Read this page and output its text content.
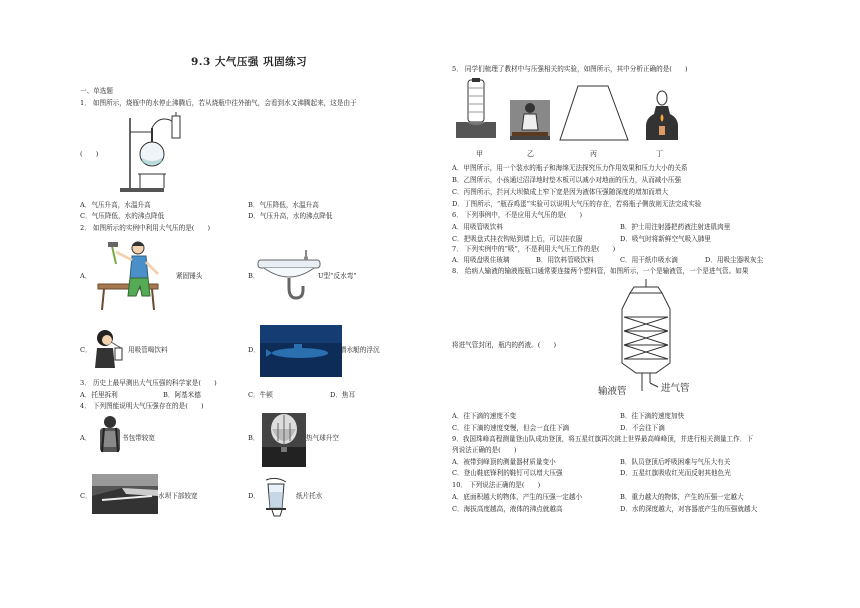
9.3 大气压强 巩固练习
一、单选题
1． 如图所示，烧瓶中的水停止沸腾后，若从烧瓶中往外抽气，会看到水又沸腾起来，这是由于
(　　)
A．气压升高，水温升高	B．气压降低，水温升高
C．气压降低，水的沸点降低	D．气压升高，水的沸点降低
2． 如图所示的实例中利用大气压的是(　　)
A．	紧固锤头	B．	U型“反水弯”
C．	用吸管喝饮料	D．	潜水艇的浮沉
3． 历史上最早测出大气压强的科学家是(　　)
A．托里拆利	B．阿基米德	C．牛顿	D．焦耳
4． 下列图能说明大气压强存在的是(　　)
A．	书包带较宽	B．	热气球升空
C．	水坝下部较宽	D．	纸片托水
5． 同学们梳理了教材中与压强相关的实验，如图所示，其中分析正确的是(　　)
甲	乙	丙	丁
A．甲图所示，用一个装水的瓶子和海绵无法探究压力作用效果和压力大小的关系
B．乙图所示，小孩通过沼泽地时垫木板可以减小对地面的压力，从而减小压强
C．丙图所示，拦河大坝做成上窄下宽是因为液体压强随深度的增加而增大
D．丁图所示，“瓶吞鸡蛋”实验可以说明大气压的存在，若将瓶子侧放则无法完成实验
6． 下列事例中，不是应用大气压的是(　　)
A．用吸管吸饮料	B．护士用注射器把药液注射进肌肉里
C．把吸盘式挂衣钩贴到墙上后，可以挂衣服	D．吸气时将新鲜空气吸入肺里
7． 下列实例中的“吸”，不是利用大气压工作的是(　　)
A．用吸盘吸住玻璃	B．用饮料管吸饮料	C．用干纸巾吸水滴	D．用吸尘器吸灰尘
8． 给病人输液的输液瓶瓶口通常要连接两个塑料管，如图所示，一个是输液管，一个是进气管。如果
将进气管封闭，瓶内的药液。(　　)
输液管	进气管
A．往下滴的速度不变	B．往下滴的速度加快
C．往下滴的速度变慢，但会一直往下滴	D．不会往下滴
9．我国珠峰高程测量登山队成功登顶，将五星红旗再次挑上世界最高峰峰顶，并进行相关测量工作．下
列说法正确的是(　　)
A．被带到峰顶的测量器材质量变小	B．队员登顶后呼吸困难与气压大有关
C．登山鞋底锋利的鞋钉可以增大压强	D．五星红旗吸收红光而反射其他色光
10． 下列说法正确的是(　　)
A．底面积越大的物体，产生的压强一定越小	B．重力越大的物体，产生的压强一定越大
C．海拔高度越高，液体的沸点就越高	D．水的深度越大，对容器底产生的压强就越大
